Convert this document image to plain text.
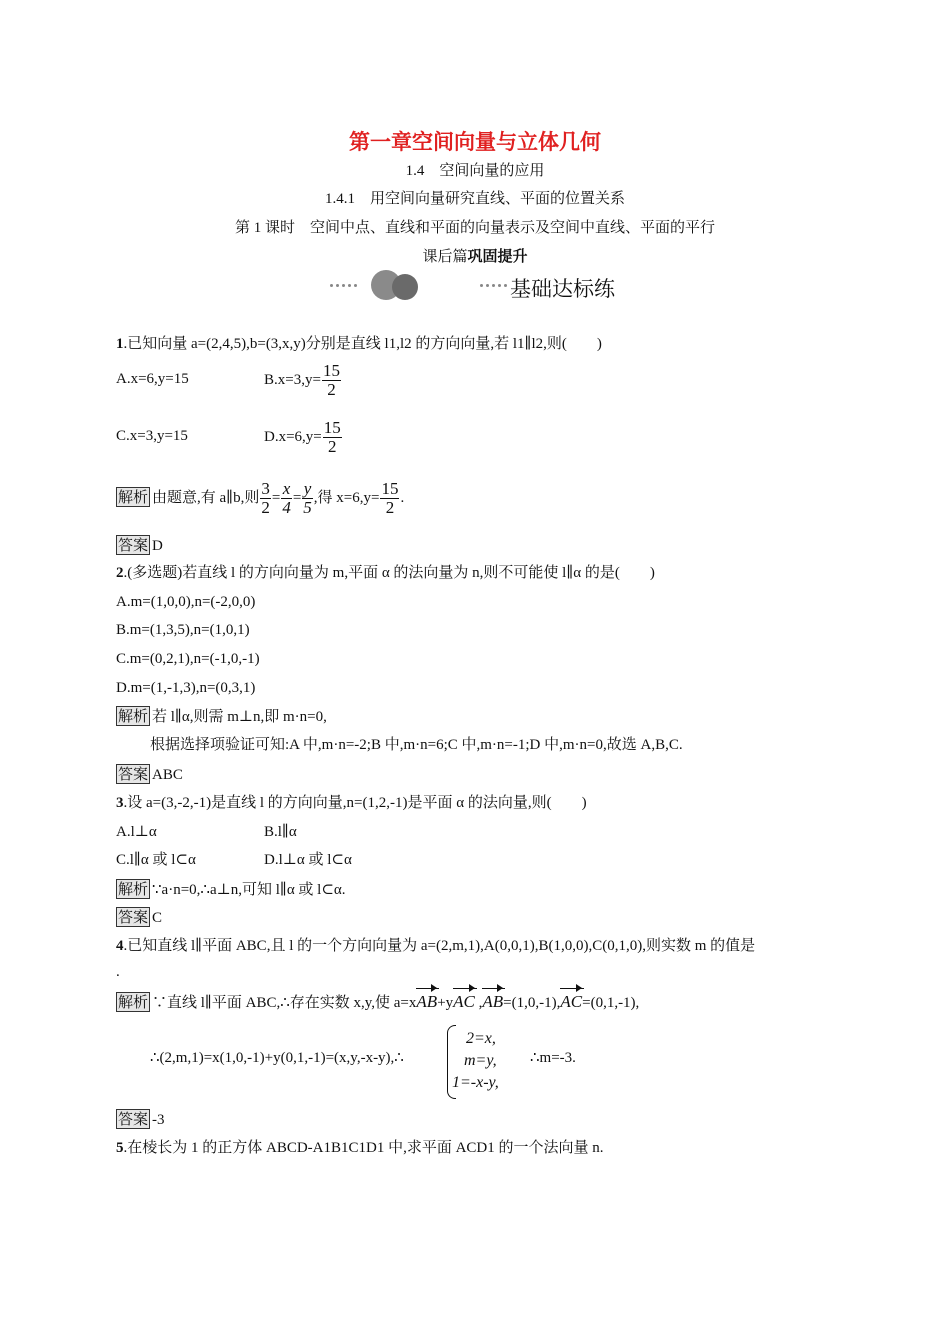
第一章空间向量与立体几何
1.4　空间向量的应用
1.4.1　用空间向量研究直线、平面的位置关系
第 1 课时　空间中点、直线和平面的向量表示及空间中直线、平面的平行
课后篇巩固提升
基础达标练
1.已知向量 a=(2,4,5),b=(3,x,y)分别是直线 l1,l2 的方向向量,若 l1∥l2,则(　　)
A.x=6,y=15	$B.x=3,y= \frac{15}{2}$
C.x=3,y=15	$D.x=6,y= \frac{15}{2}$
解析 由题意,有 a∥b,则 $\frac{3}{2} = \frac{x}{4} = \frac{y}{5}$ ,得 $x=6,y= \frac{15}{2}$ .
答案 D
2.(多选题)若直线 l 的方向向量为 m,平面 α 的法向量为 n,则不可能使 l∥α 的是(　　)
A.m=(1,0,0),n=(-2,0,0)
B.m=(1,3,5),n=(1,0,1)
C.m=(0,2,1),n=(-1,0,-1)
D.m=(1,-1,3),n=(0,3,1)
解析 若 l∥α,则需 m⊥n,即 m·n=0,
根据选择项验证可知:A 中,m·n=-2;B 中,m·n=6;C 中,m·n=-1;D 中,m·n=0,故选 A,B,C.
答案 ABC
3.设 a=(3,-2,-1)是直线 l 的方向向量,n=(1,2,-1)是平面 α 的法向量,则(　　)
A.l⊥α	B.l∥α
C.l∥α 或 l⊂α	D.l⊥α 或 l⊂α
解析 ∵a·n=0,∴a⊥n,可知 l∥α 或 l⊂α.
答案 C
4.已知直线 l∥平面 ABC,且 l 的一个方向向量为 a=(2,m,1),A(0,0,1),B(1,0,0),C(0,1,0),则实数 m 的值是
.
解析 ∵直线 l∥平面 ABC,∴存在实数 x,y,使 a=xAB+yAC ,AB=(1,0,-1),AC=(0,1,-1),
∴(2,m,1)=x(1,0,-1)+y(0,1,-1)=(x,y,-x-y),∴
2=x,
m=y,
1=-x-y,
∴m=-3.
答案 -3
5.在棱长为 1 的正方体 ABCD-A1B1C1D1 中,求平面 ACD1 的一个法向量 n.
